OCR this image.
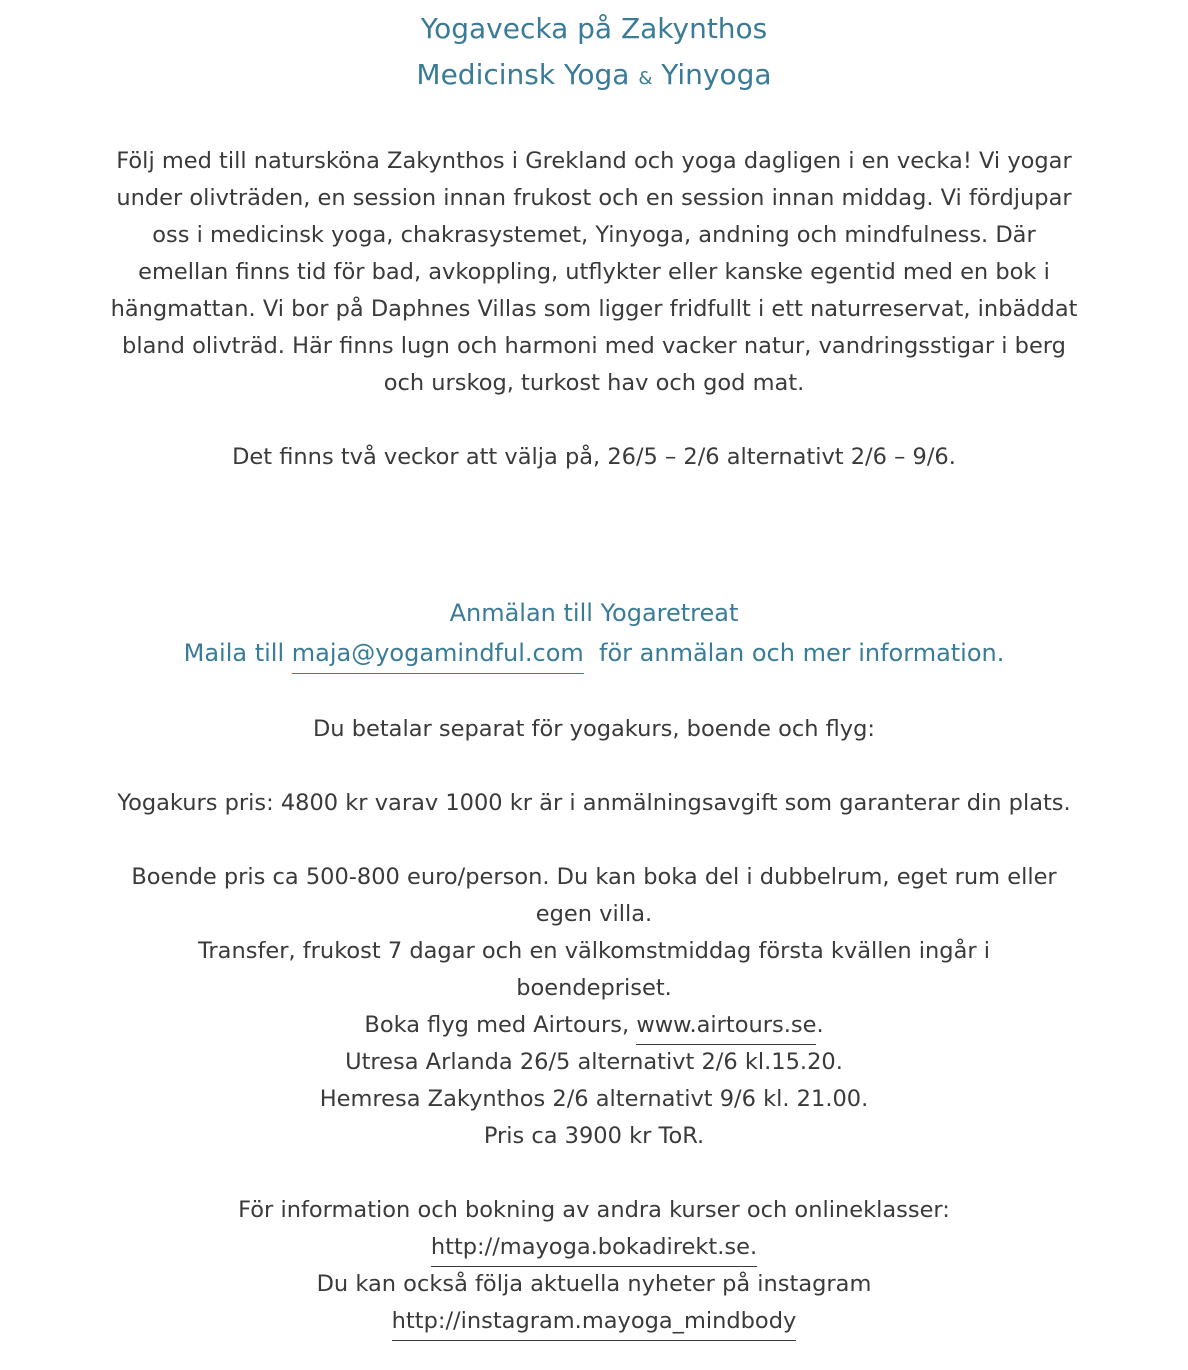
Yogavecka på Zakynthos
Medicinsk Yoga & Yinyoga

Följ med till natursköna Zakynthos i Grekland och yoga dagligen i en vecka! Vi yogar under olivträden, en session innan frukost och en session innan middag. Vi fördjupar oss i medicinsk yoga, chakrasystemet, Yinyoga, andning och mindfulness. Där emellan finns tid för bad, avkoppling, utflykter eller kanske egentid med en bok i hängmattan. Vi bor på Daphnes Villas som ligger fridfullt i ett naturreservat, inbäddat bland olivträd. Här finns lugn och harmoni med vacker natur, vandringsstigar i berg och urskog, turkost hav och god mat.

Det finns två veckor att välja på, 26/5 – 2/6 alternativt 2/6 – 9/6.

Anmälan till Yogaretreat

Maila till maja@yogamindful.com  för anmälan och mer information.

Du betalar separat för yogakurs, boende och flyg:

Yogakurs pris: 4800 kr varav 1000 kr är i anmälningsavgift som garanterar din plats.

Boende pris ca 500-800 euro/person. Du kan boka del i dubbelrum, eget rum eller egen villa.

Transfer, frukost 7 dagar och en välkomstmiddag första kvällen ingår i boendepriset.

Boka flyg med Airtours, www.airtours.se.

Utresa Arlanda 26/5 alternativt 2/6 kl.15.20.

Hemresa Zakynthos 2/6 alternativt 9/6 kl. 21.00.

Pris ca 3900 kr ToR.

För information och bokning av andra kurser och onlineklasser:

http://mayoga.bokadirekt.se.

Du kan också följa aktuella nyheter på instagram

http://instagram.mayoga_mindbody
